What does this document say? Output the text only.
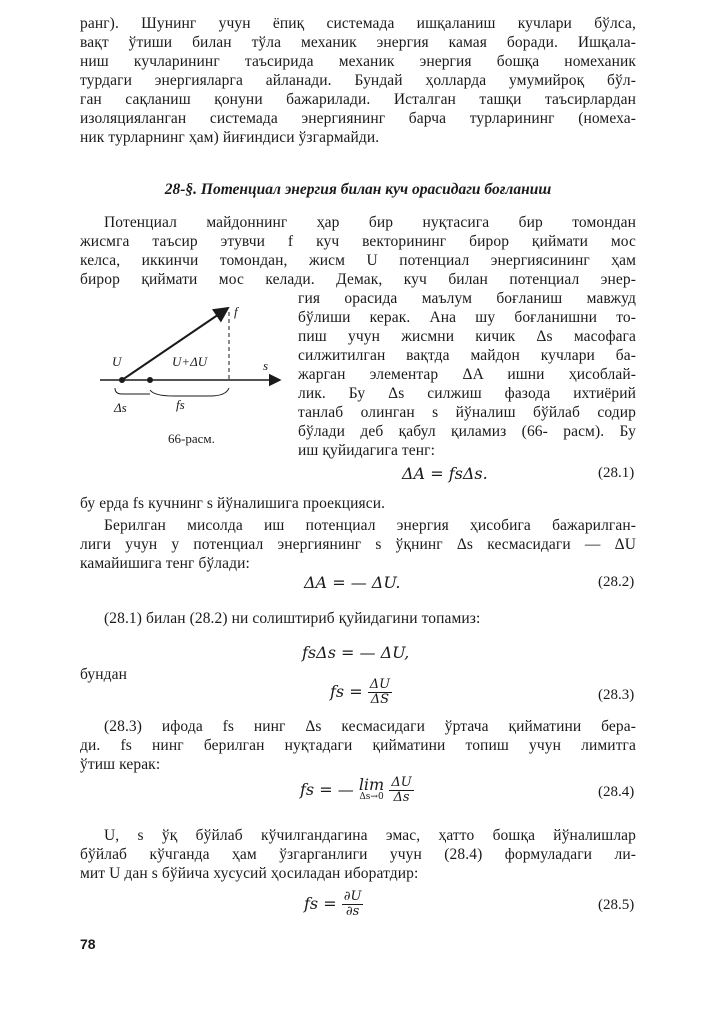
ранг). Шунинг учун ёпиқ системада ишқаланиш кучлари бўлса,
вақт ўтиши билан тўла механик энергия камая боради. Ишқала-
ниш кучларининг таъсирида механик энергия бошқа номеханик
турдаги энергияларга айланади. Бундай ҳолларда умумийроқ бўл-
ган сақланиш қонуни бажарилади. Исталган ташқи таъсирлардан
изоляцияланган системада энергиянинг барча турларининг (номеха-
ник турларнинг ҳам) йиғиндиси ўзгармайди.
28-§. Потенциал энергия билан куч орасидаги боғланиш
Потенциал майдоннинг ҳар бир нуқтасига бир томондан
жисмга таъсир этувчи f куч векторининг бирор қиймати мос
келса, иккинчи томондан, жисм U потенциал энергиясининг ҳам
бирор қиймати мос келади. Демак, куч билан потенциал энер-
гия орасида маълум боғланиш мавжуд
бўлиши керак. Ана шу боғланишни то-
пиш учун жисмни кичик Δs масофага
силжитилган вақтда майдон кучлари ба-
жарган элементар ΔA ишни ҳисоблай-
лик. Бу Δs силжиш фазода ихтиёрий
танлаб олинган s йўналиш бўйлаб содир
бўлади деб қабул қиламиз (66- расм). Бу
иш қуйидагига тенг:
f
U	U+ΔU	s
Δs	fs
66-расм.
ΔA = fsΔs.	(28.1)
бу ерда fs кучнинг s йўналишига проекцияси.
Берилган мисолда иш потенциал энергия ҳисобига бажарилган-
лиги учун у потенциал энергиянинг s ўқнинг Δs кесмасидаги — ΔU
камайишига тенг бўлади:
ΔA = — ΔU.	(28.2)
(28.1) билан (28.2) ни солиштириб қуйидагини топамиз:
fsΔs = — ΔU,
бундан
fs = $\frac{\Delta U}{\Delta S}$	(28.3)
(28.3) ифода fs нинг Δs кесмасидаги ўртача қийматини бера-
ди. fs нинг берилган нуқтадаги қийматини топиш учун лимитга
ўтиш керак:
fs = — lim
Δs→0
$\frac{\Delta U}{\Delta s}$	(28.4)
U, s ўқ бўйлаб кўчилгандагина эмас, ҳатто бошқа йўналишлар
бўйлаб кўчганда ҳам ўзгарганлиги учун (28.4) формуладаги ли-
мит U дан s бўйича хусусий ҳосиладан иборатдир:
fs = $\frac{\partial U}{\partial s}$	(28.5)
78
